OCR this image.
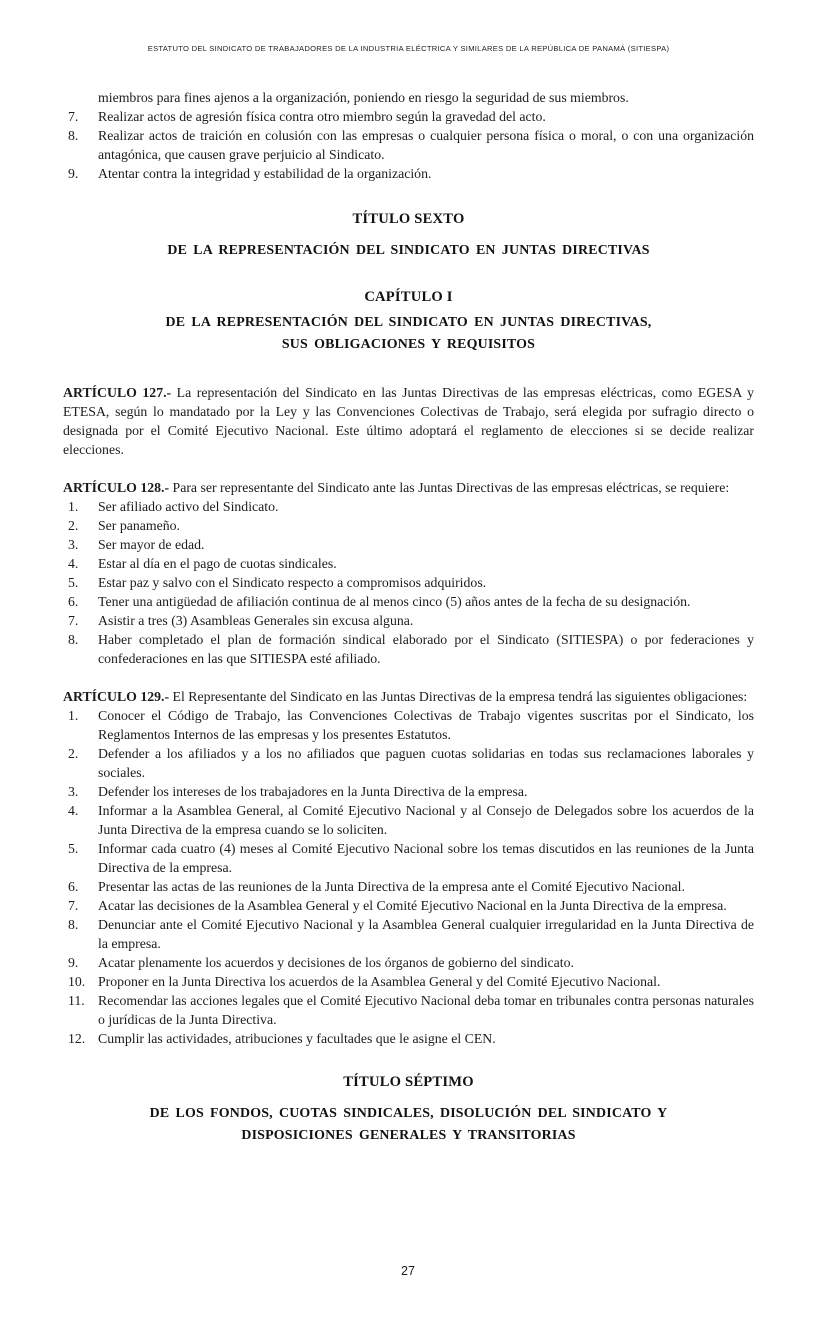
ESTATUTO DEL SINDICATO DE TRABAJADORES DE LA INDUSTRIA ELÉCTRICA Y SIMILARES DE LA REPÚBLICA DE PANAMÁ (SITIESPA)

miembros para fines ajenos a la organización, poniendo en riesgo la seguridad de sus miembros.

7. Realizar actos de agresión física contra otro miembro según la gravedad del acto.
8. Realizar actos de traición en colusión con las empresas o cualquier persona física o moral, o con una organización antagónica, que causen grave perjuicio al Sindicato.
9. Atentar contra la integridad y estabilidad de la organización.
TÍTULO SEXTO
DE LA REPRESENTACIÓN DEL SINDICATO EN JUNTAS DIRECTIVAS
CAPÍTULO I
DE LA REPRESENTACIÓN DEL SINDICATO EN JUNTAS DIRECTIVAS,
SUS OBLIGACIONES Y REQUISITOS

ARTÍCULO 127.- La representación del Sindicato en las Juntas Directivas de las empresas eléctricas, como EGESA y ETESA, según lo mandatado por la Ley y las Convenciones Colectivas de Trabajo, será elegida por sufragio directo o designada por el Comité Ejecutivo Nacional. Este último adoptará el reglamento de elecciones si se decide realizar elecciones.

ARTÍCULO 128.- Para ser representante del Sindicato ante las Juntas Directivas de las empresas eléctricas, se requiere:

1. Ser afiliado activo del Sindicato.
2. Ser panameño.
3. Ser mayor de edad.
4. Estar al día en el pago de cuotas sindicales.
5. Estar paz y salvo con el Sindicato respecto a compromisos adquiridos.
6. Tener una antigüedad de afiliación continua de al menos cinco (5) años antes de la fecha de su designación.
7. Asistir a tres (3) Asambleas Generales sin excusa alguna.
8. Haber completado el plan de formación sindical elaborado por el Sindicato (SITIESPA) o por federaciones y confederaciones en las que SITIESPA esté afiliado.

ARTÍCULO 129.- El Representante del Sindicato en las Juntas Directivas de la empresa tendrá las siguientes obligaciones:

1. Conocer el Código de Trabajo, las Convenciones Colectivas de Trabajo vigentes suscritas por el Sindicato, los Reglamentos Internos de las empresas y los presentes Estatutos.
2. Defender a los afiliados y a los no afiliados que paguen cuotas solidarias en todas sus reclamaciones laborales y sociales.
3. Defender los intereses de los trabajadores en la Junta Directiva de la empresa.
4. Informar a la Asamblea General, al Comité Ejecutivo Nacional y al Consejo de Delegados sobre los acuerdos de la Junta Directiva de la empresa cuando se lo soliciten.
5. Informar cada cuatro (4) meses al Comité Ejecutivo Nacional sobre los temas discutidos en las reuniones de la Junta Directiva de la empresa.
6. Presentar las actas de las reuniones de la Junta Directiva de la empresa ante el Comité Ejecutivo Nacional.
7. Acatar las decisiones de la Asamblea General y el Comité Ejecutivo Nacional en la Junta Directiva de la empresa.
8. Denunciar ante el Comité Ejecutivo Nacional y la Asamblea General cualquier irregularidad en la Junta Directiva de la empresa.
9. Acatar plenamente los acuerdos y decisiones de los órganos de gobierno del sindicato.
10. Proponer en la Junta Directiva los acuerdos de la Asamblea General y del Comité Ejecutivo Nacional.
11. Recomendar las acciones legales que el Comité Ejecutivo Nacional deba tomar en tribunales contra personas naturales o jurídicas de la Junta Directiva.
12. Cumplir las actividades, atribuciones y facultades que le asigne el CEN.
TÍTULO SÉPTIMO
DE LOS FONDOS, CUOTAS SINDICALES, DISOLUCIÓN DEL SINDICATO Y
DISPOSICIONES GENERALES Y TRANSITORIAS
27
